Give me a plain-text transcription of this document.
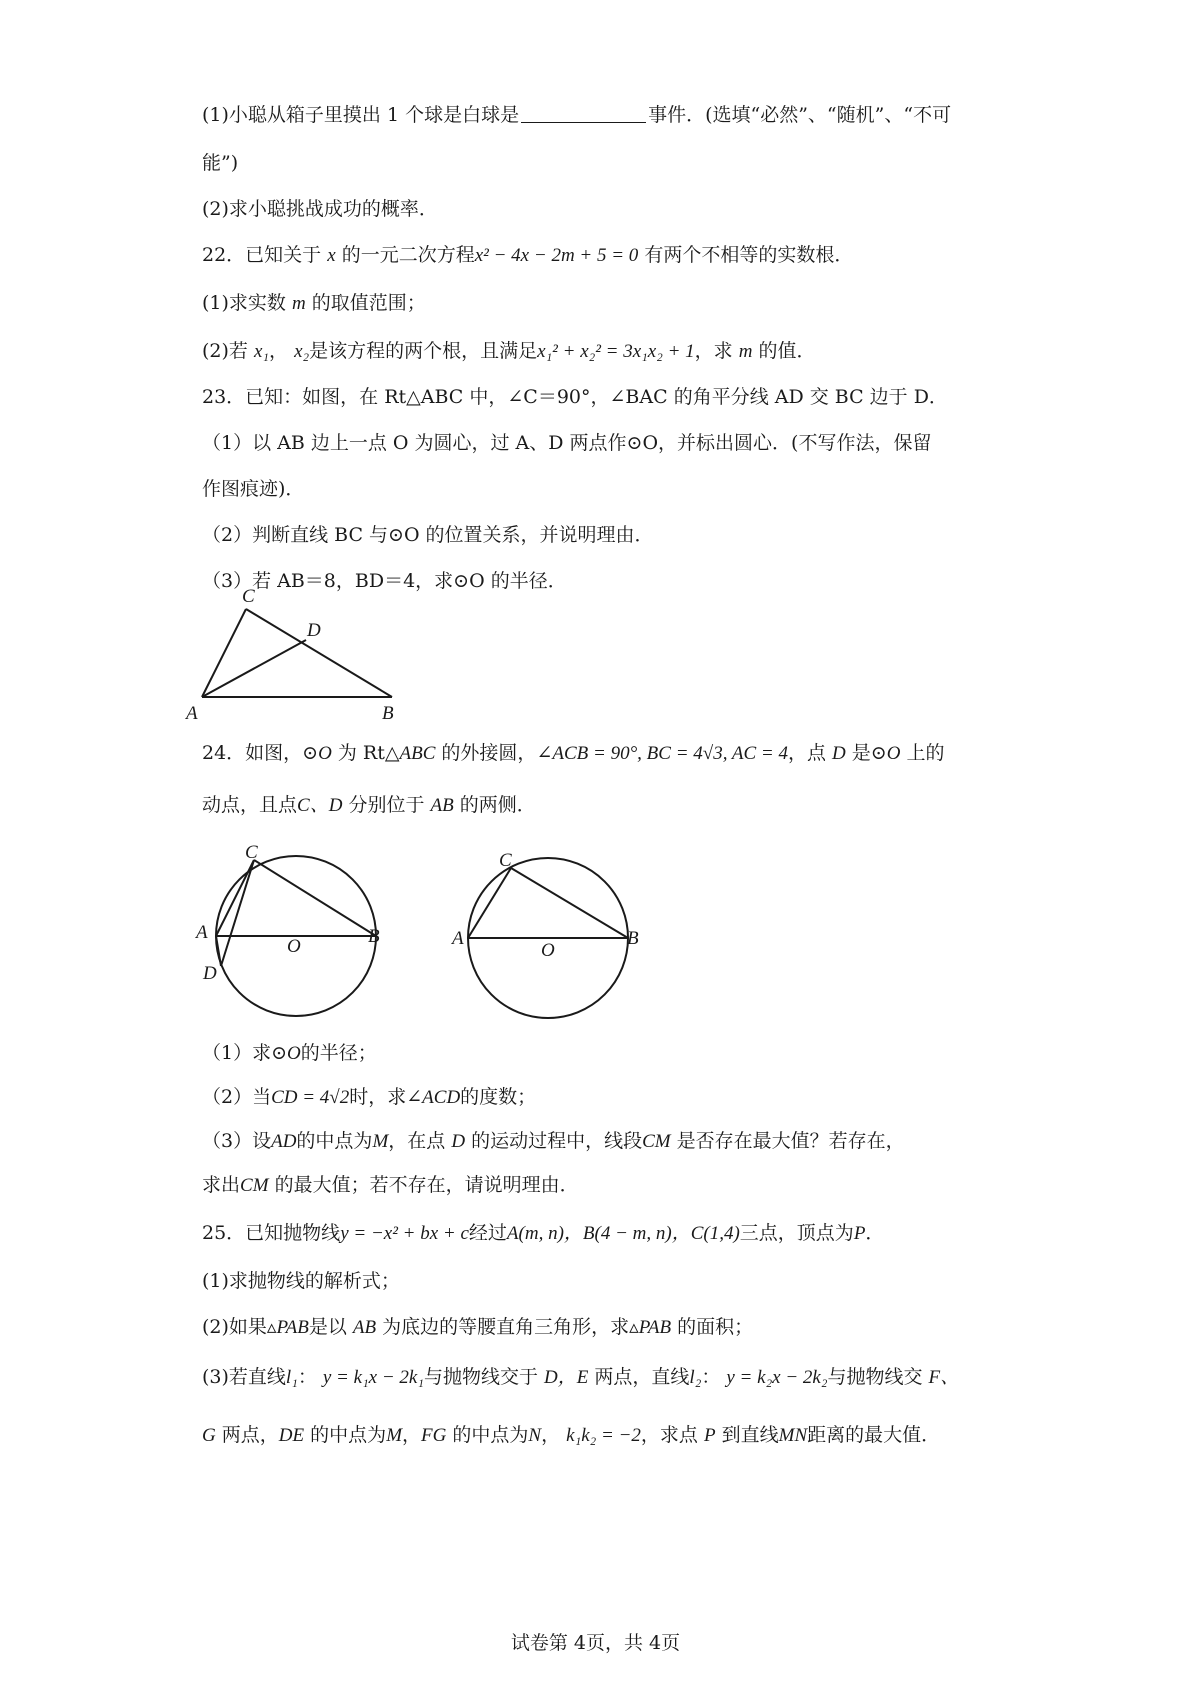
(1)小聪从箱子里摸出 1 个球是白球是	事件．(选填“必然”、“随机”、“不可
能”)
(2)求小聪挑战成功的概率．
22．已知关于 x 的一元二次方程x² − 4x − 2m + 5 = 0 有两个不相等的实数根．
(1)求实数 m 的取值范围；
(2)若 x₁， x₂是该方程的两个根，且满足x₁² + x₂² = 3x₁x₂ + 1，求 m 的值．
23．已知：如图，在 Rt△ABC 中，∠C＝90°，∠BAC 的角平分线 AD 交 BC 边于 D．
（1）以 AB 边上一点 O 为圆心，过 A、D 两点作⊙O，并标出圆心．(不写作法，保留
作图痕迹)．
（2）判断直线 BC 与⊙O 的位置关系，并说明理由．
（3）若 AB＝8，BD＝4，求⊙O 的半径．
C
D
A	B
24．如图，⊙O 为 Rt△ABC 的外接圆，∠ACB = 90°, BC = 4√3, AC = 4，点 D 是⊙O 上的
动点，且点C、D 分别位于 AB 的两侧．
C
A
O	B
D
C
A
O
B
（1）求⊙O的半径；
（2）当CD = 4√2时，求∠ACD的度数；
（3）设AD的中点为M，在点 D 的运动过程中，线段CM 是否存在最大值？若存在，
求出CM 的最大值；若不存在，请说明理由．
25．已知抛物线y = −x² + bx + c经过A(m, n)，B(4 − m, n)，C(1,4)三点，顶点为P．
(1)求抛物线的解析式；
(2)如果▵PAB是以 AB 为底边的等腰直角三角形，求▵PAB 的面积；
(3)若直线l₁： y = k₁x − 2k₁与抛物线交于 D，E 两点，直线l₂： y = k₂x − 2k₂与抛物线交 F、
G 两点，DE 的中点为M，FG 的中点为N， k₁k₂ = −2，求点 P 到直线MN距离的最大值．
试卷第 4页，共 4页
